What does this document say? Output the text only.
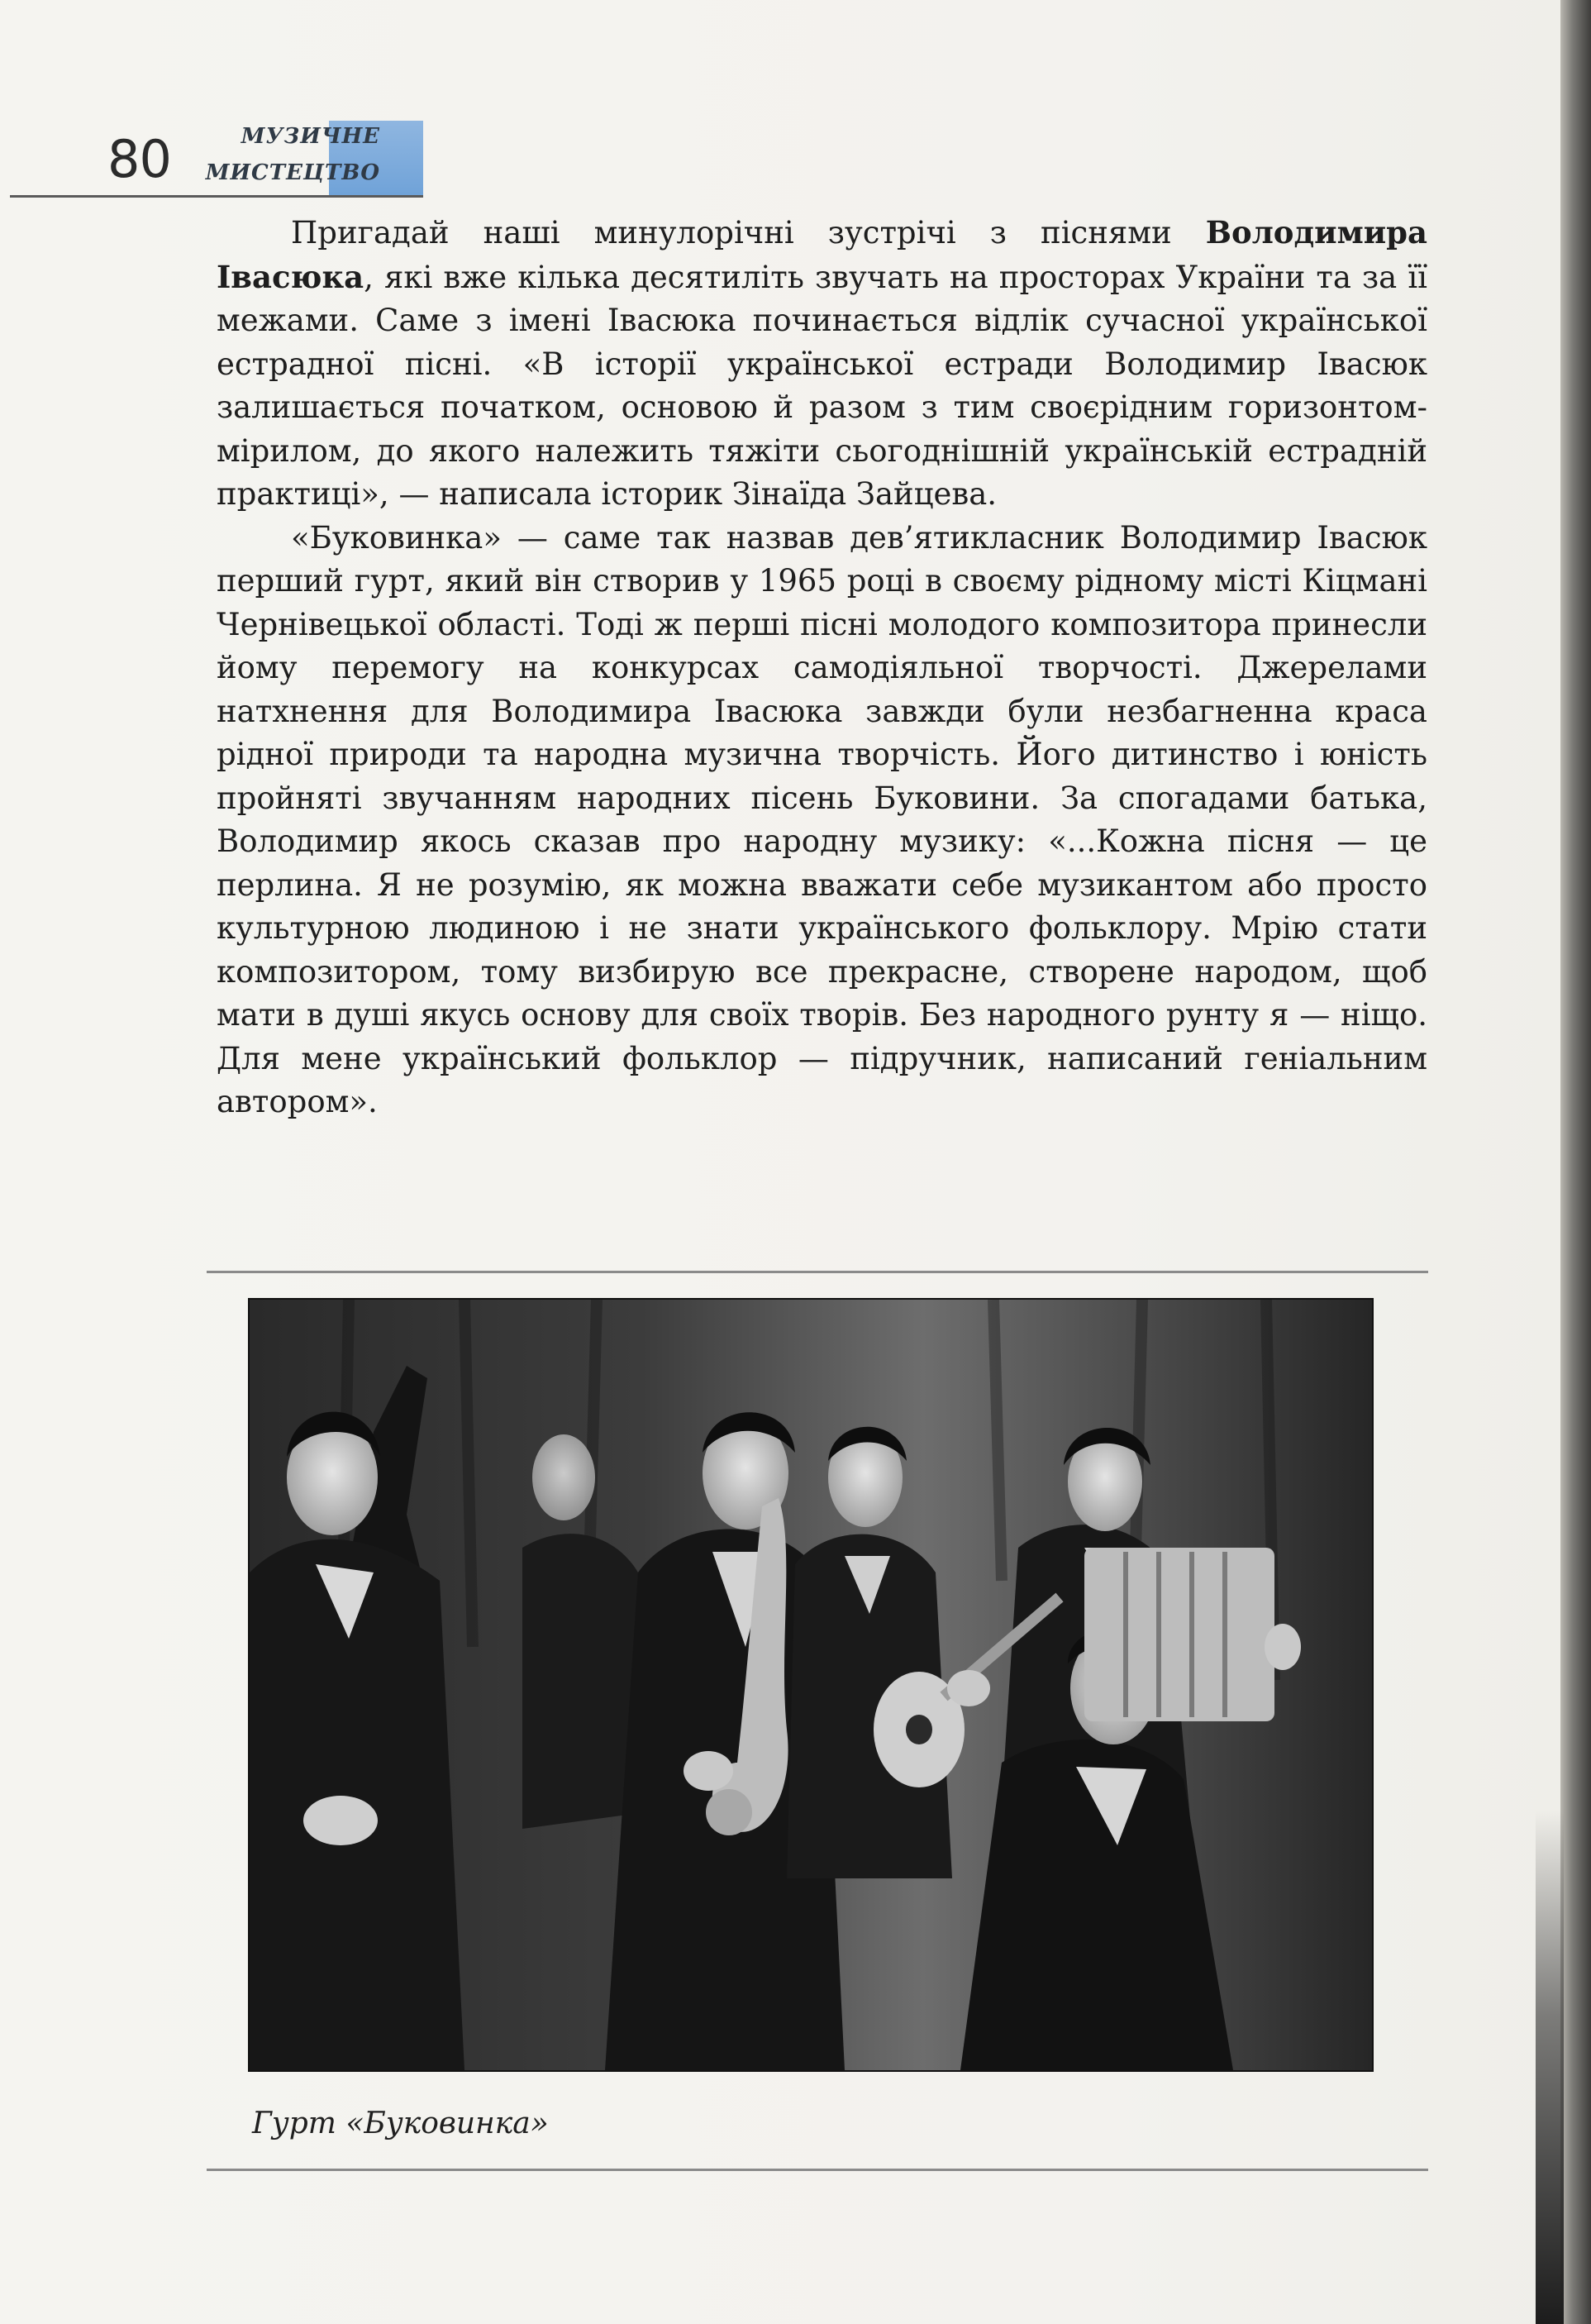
80	МУЗИЧНЕ
МИСТЕЦТВО

Пригадай наші минулорічні зустрічі з піснями Володимира Івасюка, які вже кілька десятиліть звучать на просторах України та за її межами. Саме з імені Івасюка починається відлік сучасної української естрадної пісні. «В історії української естради Володимир Івасюк залишається початком, основою й разом з тим своєрідним горизонтом-мірилом, до якого належить тяжіти сьогоднішній українській естрадній практиці», — написала історик Зінаїда Зайцева.

«Буковинка» — саме так назвав дев’ятикласник Володимир Івасюк перший гурт, який він створив у 1965 році в своєму рідному місті Кіцмані Чернівецької області. Тоді ж перші пісні молодого композитора принесли йому перемогу на конкурсах самодіяльної творчості. Джерелами натхнення для Володимира Івасюка завжди були незбагненна краса рідної природи та народна музична творчість. Його дитинство і юність пройняті звучанням народних пісень Буковини. За спогадами батька, Володимир якось сказав про народну музику: «...Кожна пісня — це перлина. Я не розумію, як можна вважати себе музикантом або просто культурною людиною і не знати українського фольклору. Мрію стати композитором, тому визбирую все прекрасне, створене народом, щоб мати в душі якусь основу для своїх творів. Без народного рунту я — ніщо. Для мене український фольклор — підручник, написаний геніальним автором».

Гурт «Буковинка»
